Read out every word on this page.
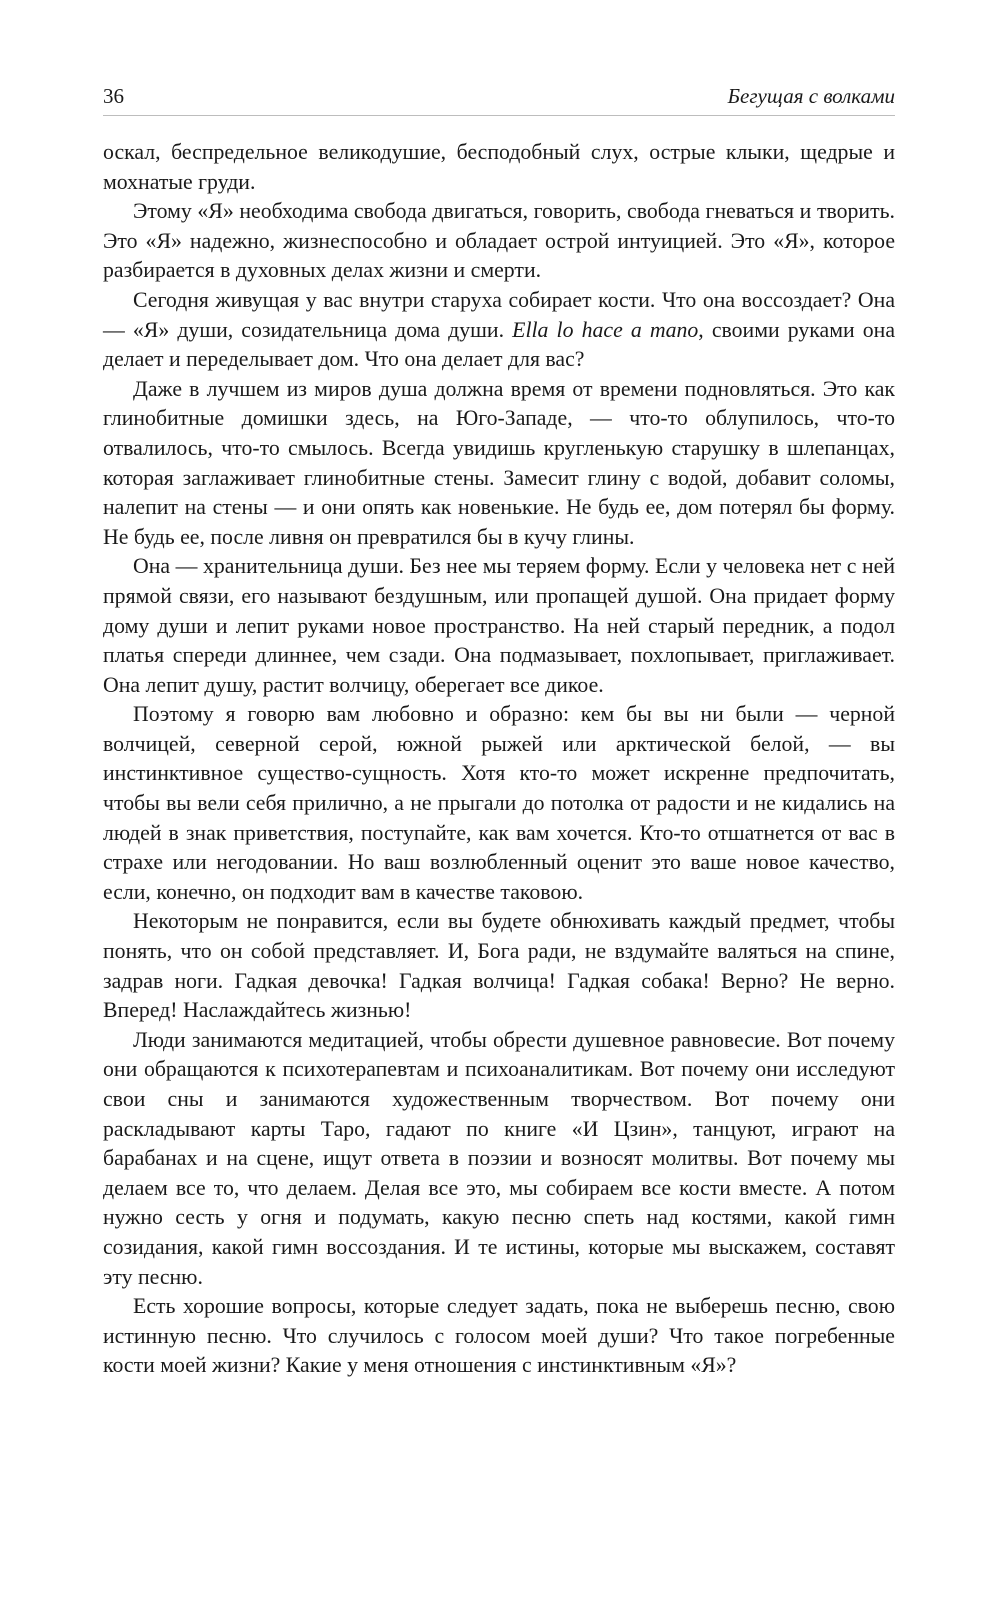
36	Бегущая с волками

оскал, беспредельное великодушие, бесподобный слух, острые клыки, щедрые и мохнатые груди.

Этому «Я» необходима свобода двигаться, говорить, свобода гневаться и творить. Это «Я» надежно, жизнеспособно и обладает острой интуицией. Это «Я», которое разбирается в духовных делах жизни и смерти.

Сегодня живущая у вас внутри старуха собирает кости. Что она воссоздает? Она — «Я» души, созидательница дома души. Ella lo hace a mano, своими руками она делает и переделывает дом. Что она делает для вас?

Даже в лучшем из миров душа должна время от времени подновляться. Это как глинобитные домишки здесь, на Юго-Западе, — что-то облупилось, что-то отвалилось, что-то смылось. Всегда увидишь кругленькую старушку в шлепанцах, которая заглаживает глинобитные стены. Замесит глину с водой, добавит соломы, налепит на стены — и они опять как новенькие. Не будь ее, дом потерял бы форму. Не будь ее, после ливня он превратился бы в кучу глины.

Она — хранительница души. Без нее мы теряем форму. Если у человека нет с ней прямой связи, его называют бездушным, или пропащей душой. Она придает форму дому души и лепит руками новое пространство. На ней старый передник, а подол платья спереди длиннее, чем сзади. Она подмазывает, похлопывает, приглаживает. Она лепит душу, растит волчицу, оберегает все дикое.

Поэтому я говорю вам любовно и образно: кем бы вы ни были — черной волчицей, северной серой, южной рыжей или арктической белой, — вы инстинктивное существо-сущность. Хотя кто-то может искренне предпочитать, чтобы вы вели себя прилично, а не прыгали до потолка от радости и не кидались на людей в знак приветствия, поступайте, как вам хочется. Кто-то отшатнется от вас в страхе или негодовании. Но ваш возлюбленный оценит это ваше новое качество, если, конечно, он подходит вам в качестве таковою.

Некоторым не понравится, если вы будете обнюхивать каждый предмет, чтобы понять, что он собой представляет. И, Бога ради, не вздумайте валяться на спине, задрав ноги. Гадкая девочка! Гадкая волчица! Гадкая собака! Верно? Не верно. Вперед! Наслаждайтесь жизнью!

Люди занимаются медитацией, чтобы обрести душевное равновесие. Вот почему они обращаются к психотерапевтам и психоаналитикам. Вот почему они исследуют свои сны и занимаются художественным творчеством. Вот почему они раскладывают карты Таро, гадают по книге «И Цзин», танцуют, играют на барабанах и на сцене, ищут ответа в поэзии и возносят молитвы. Вот почему мы делаем все то, что делаем. Делая все это, мы собираем все кости вместе. А потом нужно сесть у огня и подумать, какую песню спеть над костями, какой гимн созидания, какой гимн воссоздания. И те истины, которые мы выскажем, составят эту песню.

Есть хорошие вопросы, которые следует задать, пока не выберешь песню, свою истинную песню. Что случилось с голосом моей души? Что такое погребенные кости моей жизни? Какие у меня отношения с инстинктивным «Я»?
